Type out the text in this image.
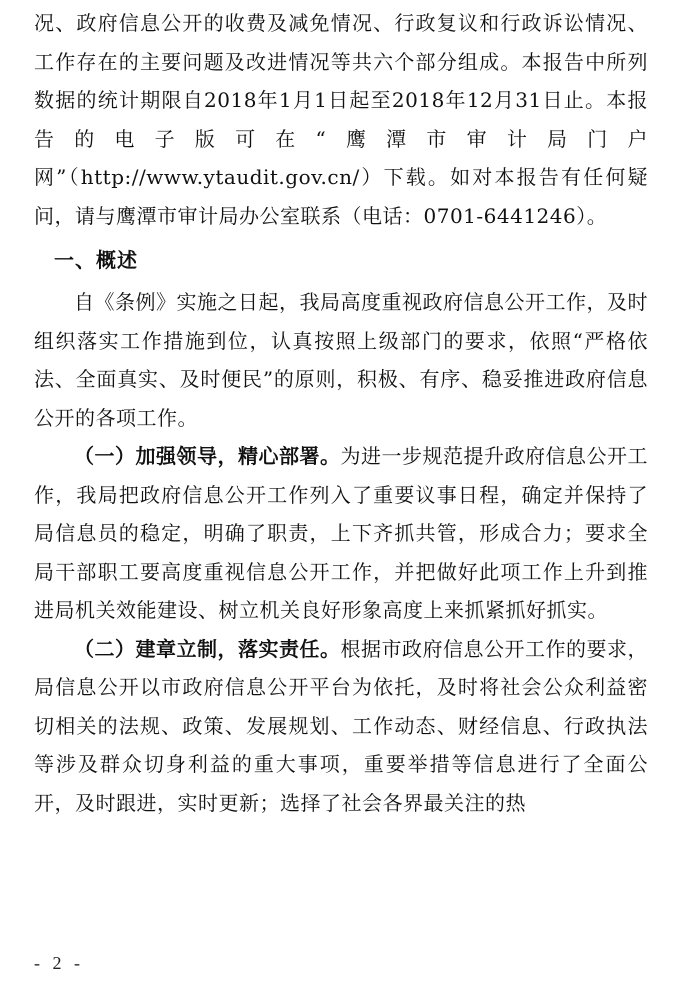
况、政府信息公开的收费及减免情况、行政复议和行政诉讼情况、工作存在的主要问题及改进情况等共六个部分组成。本报告中所列数据的统计期限自2018年1月1日起至2018年12月31日止。本报告的电子版可在“鹰潭市审计局门户网”（http://www.ytaudit.gov.cn/）下载。如对本报告有任何疑问，请与鹰潭市审计局办公室联系（电话：0701-6441246）。

一、概述

自《条例》实施之日起，我局高度重视政府信息公开工作，及时组织落实工作措施到位，认真按照上级部门的要求，依照“严格依法、全面真实、及时便民”的原则，积极、有序、稳妥推进政府信息公开的各项工作。

（一）加强领导，精心部署。为进一步规范提升政府信息公开工作，我局把政府信息公开工作列入了重要议事日程，确定并保持了局信息员的稳定，明确了职责，上下齐抓共管，形成合力；要求全局干部职工要高度重视信息公开工作，并把做好此项工作上升到推进局机关效能建设、树立机关良好形象高度上来抓紧抓好抓实。

（二）建章立制，落实责任。根据市政府信息公开工作的要求，局信息公开以市政府信息公开平台为依托，及时将社会公众利益密切相关的法规、政策、发展规划、工作动态、财经信息、行政执法等涉及群众切身利益的重大事项，重要举措等信息进行了全面公开，及时跟进，实时更新；选择了社会各界最关注的热

- 2 -
